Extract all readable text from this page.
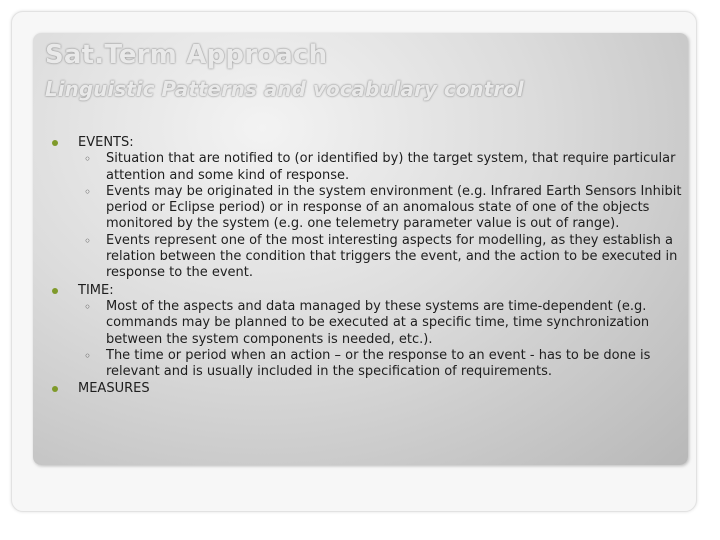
Sat.Term Approach
Linguistic Patterns and vocabulary control
EVENTS:
◦ Situation that are notified to (or identified by) the target system, that require particular attention and some kind of response.
◦ Events may be originated in the system environment (e.g. Infrared Earth Sensors Inhibit period or Eclipse period) or in response of an anomalous state of one of the objects monitored by the system (e.g. one telemetry parameter value is out of range).
◦ Events represent one of the most interesting aspects for modelling, as they establish a relation between the condition that triggers the event, and the action to be executed in response to the event.
TIME:
◦ Most of the aspects and data managed by these systems are time-dependent (e.g. commands may be planned to be executed at a specific time, time synchronization between the system components is needed, etc.).
◦ The time or period when an action – or the response to an event - has to be done is relevant and is usually included in the specification of requirements.
MEASURES
